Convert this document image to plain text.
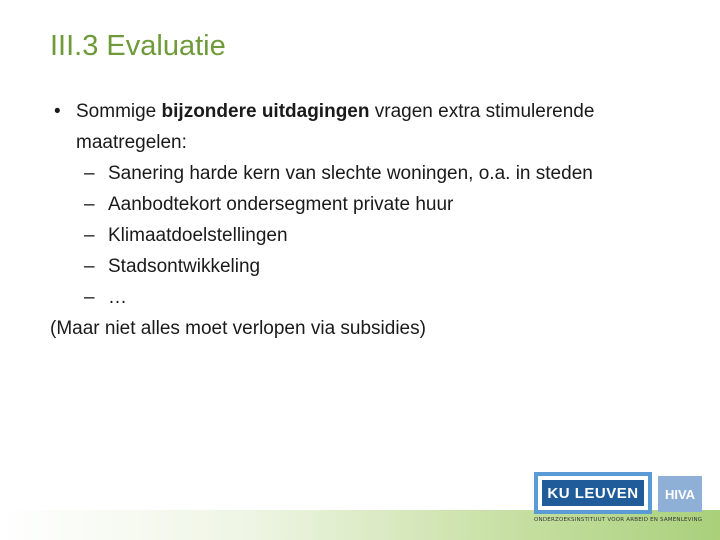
III.3 Evaluatie
• Sommige bijzondere uitdagingen vragen extra stimulerende
maatregelen:
– Sanering harde kern van slechte woningen, o.a. in steden
– Aanbodtekort ondersegment private huur
– Klimaatdoelstellingen
– Stadsontwikkeling
– …
(Maar niet alles moet verlopen via subsidies)
KU LEUVEN	HIVA
ONDERZOEKSINSTITUUT VOOR ARBEID EN SAMENLEVING
